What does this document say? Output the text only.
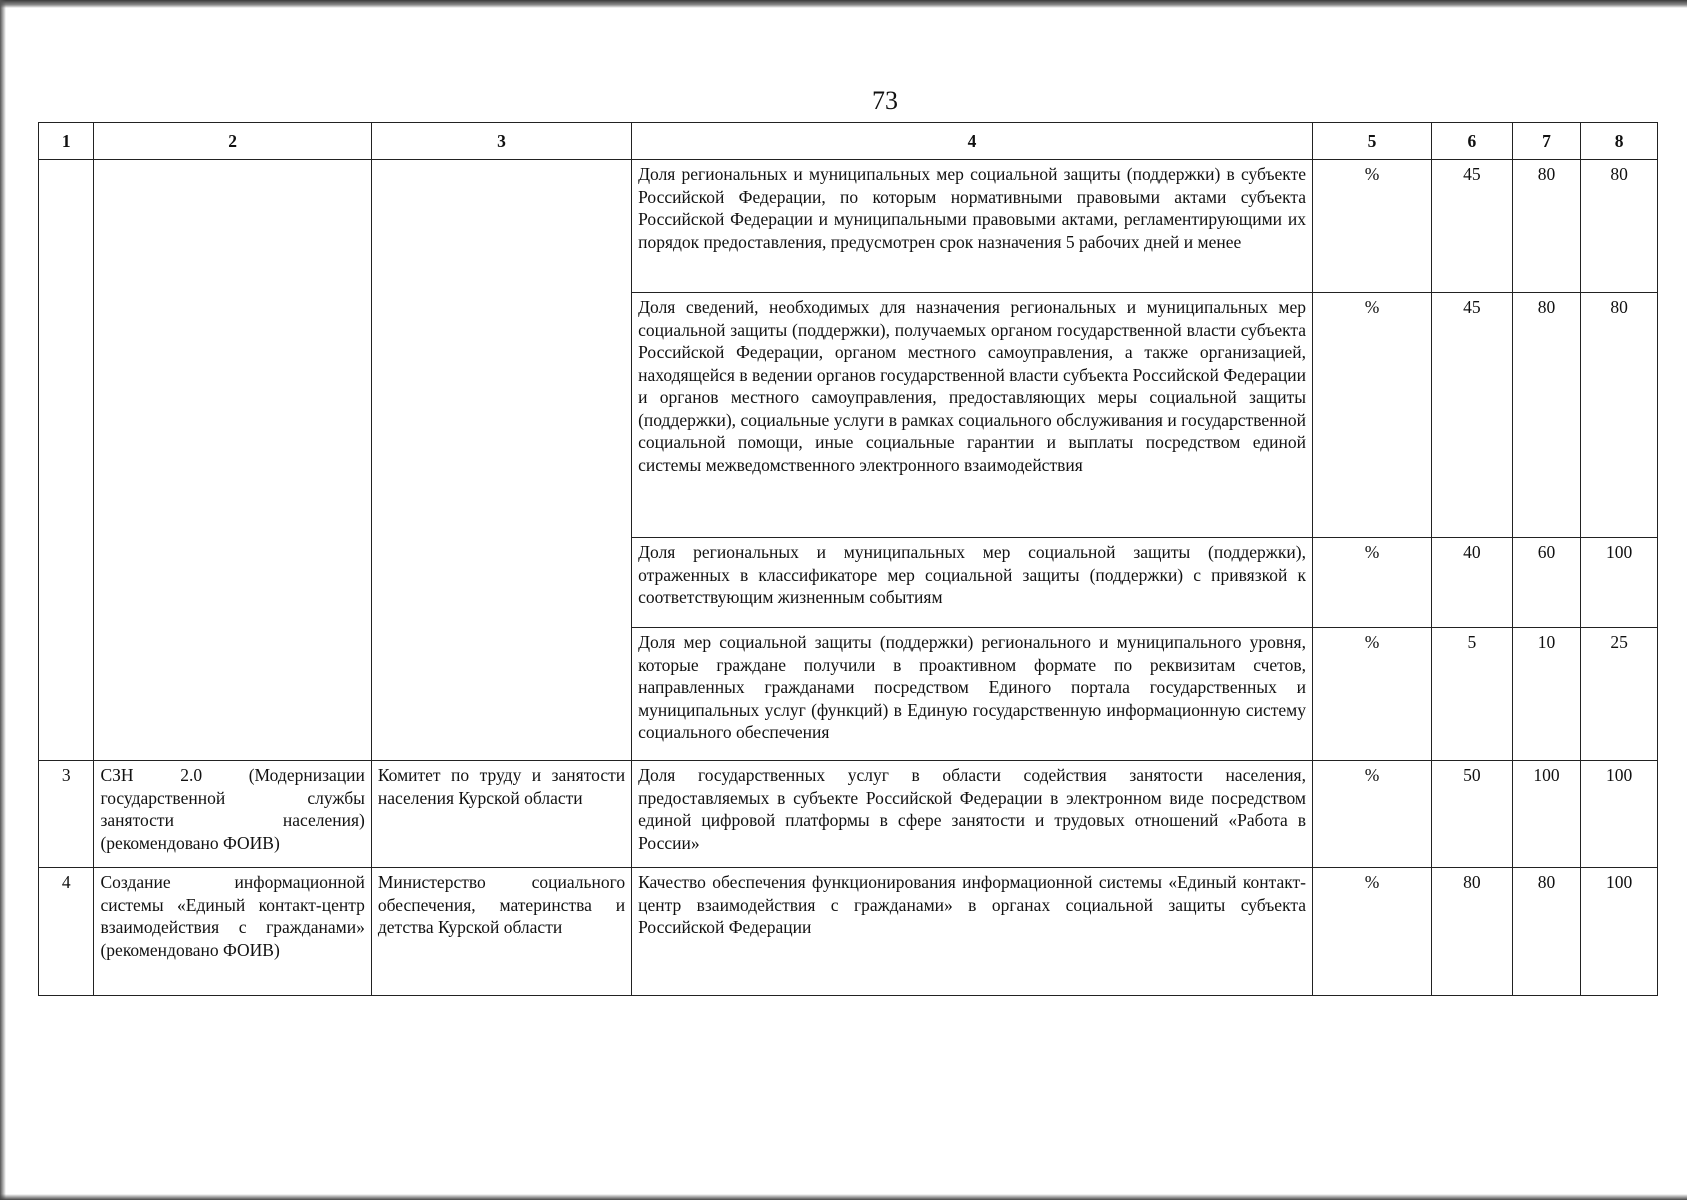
73
1	2	3	4	5	6	7	8
			Доля региональных и муниципальных мер социальной защиты (поддержки) в субъекте Российской Федерации, по которым нормативными правовыми актами субъекта Российской Федерации и муниципальными правовыми актами, регламентирующими их порядок предоставления, предусмотрен срок назначения 5 рабочих дней и менее	%	45	80	80
			Доля сведений, необходимых для назначения региональных и муниципальных мер социальной защиты (поддержки), получаемых органом государственной власти субъекта Российской Федерации, органом местного самоуправления, а также организацией, находящейся в ведении органов государственной власти субъекта Российской Федерации и органов местного самоуправления, предоставляющих меры социальной защиты (поддержки), социальные услуги в рамках социального обслуживания и государственной социальной помощи, иные социальные гарантии и выплаты посредством единой системы межведомственного электронного взаимодействия	%	45	80	80
			Доля региональных и муниципальных мер социальной защиты (поддержки), отраженных в классификаторе мер социальной защиты (поддержки) с привязкой к соответствующим жизненным событиям	%	40	60	100
			Доля мер социальной защиты (поддержки) регионального и муниципального уровня, которые граждане получили в проактивном формате по реквизитам счетов, направленных гражданами посредством Единого портала государственных и муниципальных услуг (функций) в Единую государственную информационную систему социального обеспечения	%	5	10	25
3	СЗН 2.0 (Модернизации государственной службы занятости населения) (рекомендовано ФОИВ)	Комитет по труду и занятости населения Курской области	Доля государственных услуг в области содействия занятости населения, предоставляемых в субъекте Российской Федерации в электронном виде посредством единой цифровой платформы в сфере занятости и трудовых отношений «Работа в России»	%	50	100	100
4	Создание информационной системы «Единый контакт-центр взаимодействия с гражданами» (рекомендовано ФОИВ)	Министерство социального обеспечения, материнства и детства Курской области	Качество обеспечения функционирования информационной системы «Единый контакт-центр взаимодействия с гражданами» в органах социальной защиты субъекта Российской Федерации	%	80	80	100
